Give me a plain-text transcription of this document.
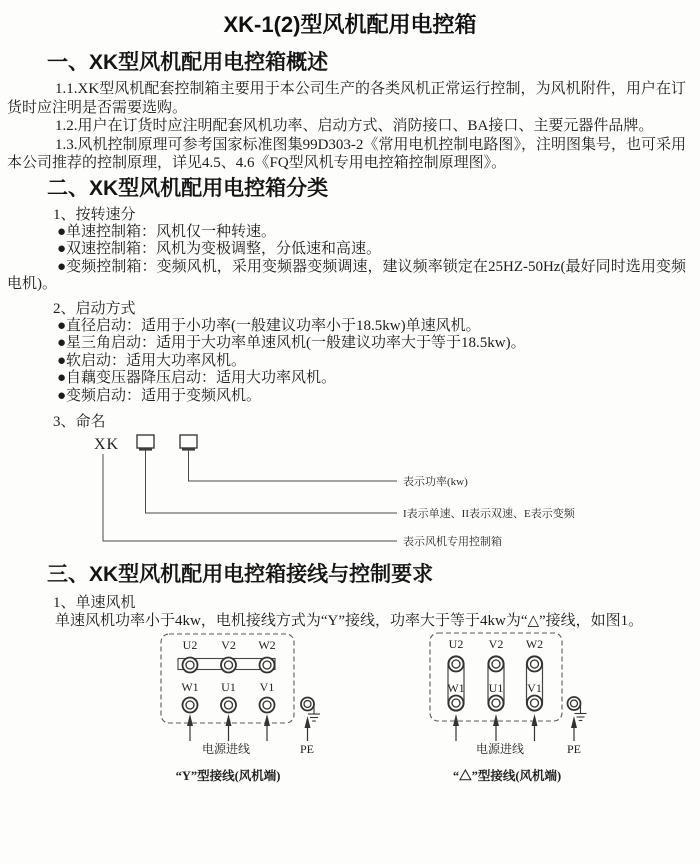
XK-1(2)型风机配用电控箱
一、XK型风机配用电控箱概述

1.1.XK型风机配套控制箱主要用于本公司生产的各类风机正常运行控制，为风机附件，用户在订货时应注明是否需要选购。

1.2.用户在订货时应注明配套风机功率、启动方式、消防接口、BA接口、主要元器件品牌。

1.3.风机控制原理可参考国家标准图集99D303-2《常用电机控制电路图》，注明图集号，也可采用本公司推荐的控制原理，详见4.5、4.6《FQ型风机专用电控箱控制原理图》。

二、XK型风机配用电控箱分类
1、按转速分
●单速控制箱：风机仅一种转速。
●双速控制箱：风机为变极调整，分低速和高速。
●变频控制箱：变频风机，采用变频器变频调速，建议频率锁定在25HZ-50Hz(最好同时选用变频电机)。
2、启动方式
●直径启动：适用于小功率(一般建议功率小于18.5kw)单速风机。
●星三角启动：适用于大功率单速风机(一般建议功率大于等于18.5kw)。
●软启动：适用大功率风机。
●自藕变压器降压启动：适用大功率风机。
●变频启动：适用于变频风机。
3、命名
XK
表示功率(kw)
I表示单速、II表示双速、E表示变频
表示风机专用控制箱
三、XK型风机配用电控箱接线与控制要求
1、单速风机

单速风机功率小于4kw，电机接线方式为“Y”接线，功率大于等于4kw为“△”接线，如图1。

U2 V2 W2
W1 U1 V1
电源进线	PE
“Y”型接线(风机端)
U2 V2 W2
W1 U1 V1
电源进线	PE
“△”型接线(风机端)
